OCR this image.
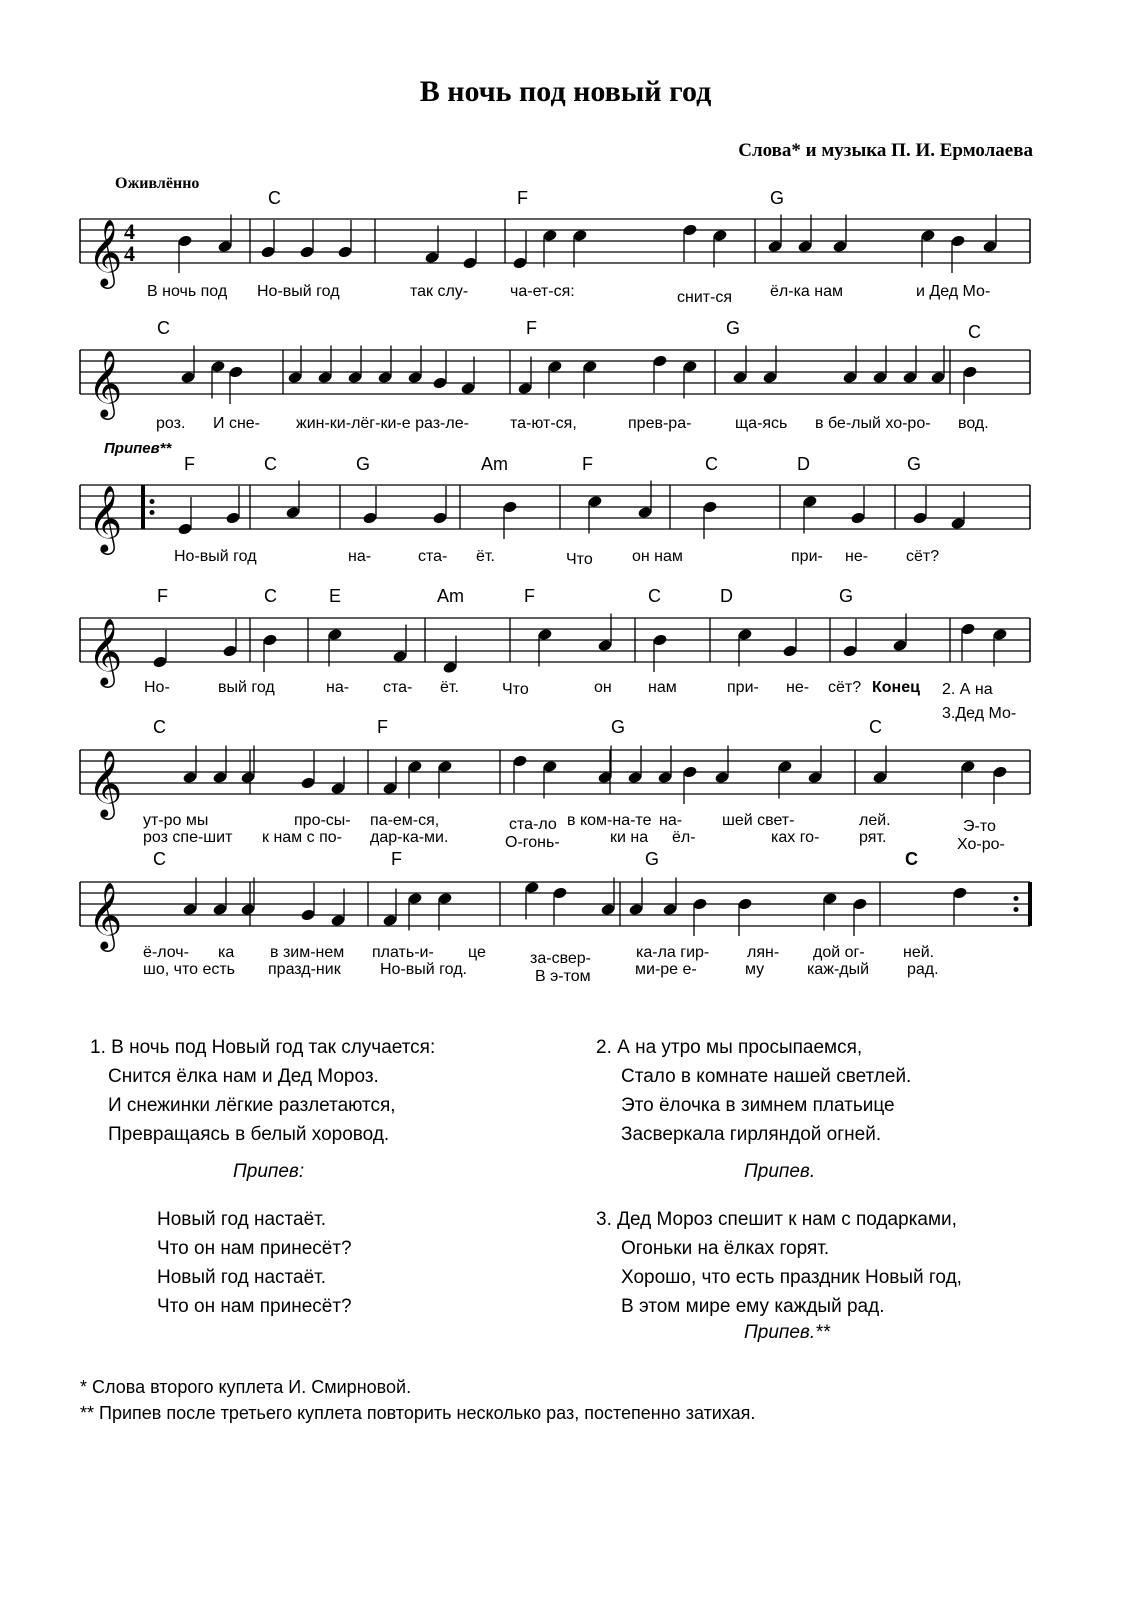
В ночь под новый год
Слова* и музыка П. И. Ермолаева
Оживлённо
𝄞
𝄞
𝄞
𝄞
𝄞
𝄞
4
4
C	F	G
В ночь под Но-вый год	так слу-	ча-ет-ся:	снит-ся ёл-ка нам	и Дед Мо-
C	F	G	C
роз. И сне- жин-ки-лёг-ки-е раз-ле-	та-ют-ся,	прев-ра-	ща-ясь в бе-лый хо-ро- вод.
Припев**
F	C	G	Am	F	C	D	G
Но-вый год	на-	ста- ёт.	Что он нам	при- не- сёт?
F	C	E	Am	F	C	D	G
Но-	вый год	на- ста- ёт.	Что	он нам	при- не- сёт? Конец 2. А на
3.Дед Мо-
C	F	G	C
ут-ро мы	про-сы- па-ем-ся,	ста-ло в ком-на-те на- шей свет-	лей.	Э-то
роз спе-шит к нам с по- дар-ка-ми.	О-гонь-	ки на ёл-	ках го- рят.	Хо-ро-
C	F	G	C
ё-лоч- ка в зим-нем плать-и- це	за-свер-	ка-ла гир- лян- дой ог- ней.
шо, что есть празд-ник Но-вый год.	В э-том	ми-ре е-	му	каж-дый рад.
1. В ночь под Новый год так случается:
Снится ёлка нам и Дед Мороз.
И снежинки лёгкие разлетаются,
Превращаясь в белый хоровод.
Припев:
Новый год настаёт.
Что он нам принесёт?
Новый год настаёт.
Что он нам принесёт?
2. А на утро мы просыпаемся,
Стало в комнате нашей светлей.
Это ёлочка в зимнем платьице
Засверкала гирляндой огней.
Припев.
3. Дед Мороз спешит к нам с подарками,
Огоньки на ёлках горят.
Хорошо, что есть праздник Новый год,
В этом мире ему каждый рад.
Припев.**
* Слова второго куплета И. Смирновой.
** Припев после третьего куплета повторить несколько раз, постепенно затихая.
